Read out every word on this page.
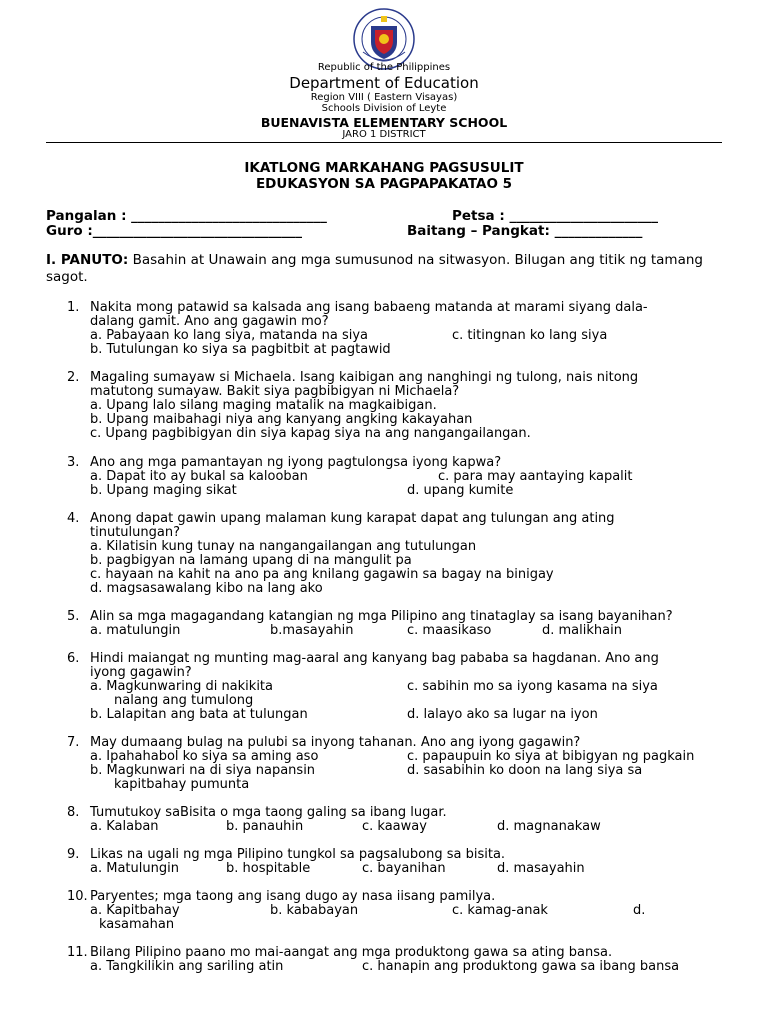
Republic of the Philippines
Department of Education
Region VIII ( Eastern Visayas)
Schools Division of Leyte
BUENAVISTA ELEMENTARY SCHOOL
JARO 1 DISTRICT
IKATLONG MARKAHANG PAGSUSULIT
EDUKASYON SA PAGPAPAKATAO 5
Pangalan : _____________________________	Petsa : ______________________
Guro :_______________________________	Baitang – Pangkat: _____________
I. PANUTO: Basahin at Unawain ang mga sumusunod na sitwasyon. Bilugan ang titik ng tamang sagot.
1. Nakita mong patawid sa kalsada ang isang babaeng matanda at marami siyang dala-
dalang gamit. Ano ang gagawin mo?
a. Pabayaan ko lang siya, matanda na siya	c. titingnan ko lang siya
b. Tutulungan ko siya sa pagbitbit at pagtawid
2. Magaling sumayaw si Michaela. Isang kaibigan ang nanghingi ng tulong, nais nitong
matutong sumayaw. Bakit siya pagbibigyan ni Michaela?
a. Upang lalo silang maging matalik na magkaibigan.
b. Upang maibahagi niya ang kanyang angking kakayahan
c. Upang pagbibigyan din siya kapag siya na ang nangangailangan.
3. Ano ang mga pamantayan ng iyong pagtulongsa iyong kapwa?
a. Dapat ito ay bukal sa kalooban	c. para may aantaying kapalit
b. Upang maging sikat	d. upang kumite
4. Anong dapat gawin upang malaman kung karapat dapat ang tulungan ang ating
tinutulungan?
a. Kilatisin kung tunay na nangangailangan ang tutulungan
b. pagbigyan na lamang upang di na mangulit pa
c. hayaan na kahit na ano pa ang knilang gagawin sa bagay na binigay
d. magsasawalang kibo na lang ako
5. Alin sa mga magagandang katangian ng mga Pilipino ang tinataglay sa isang bayanihan?
a. matulungin	b.masayahin	c. maasikaso	d. malikhain
6. Hindi maiangat ng munting mag-aaral ang kanyang bag pababa sa hagdanan. Ano ang
iyong gagawin?
a. Magkunwaring di nakikita	c. sabihin mo sa iyong kasama na siya
nalang ang tumulong
b. Lalapitan ang bata at tulungan	d. lalayo ako sa lugar na iyon
7. May dumaang bulag na pulubi sa inyong tahanan. Ano ang iyong gagawin?
a. Ipahahabol ko siya sa aming aso	c. papaupuin ko siya at bibigyan ng pagkain
b. Magkunwari na di siya napansin	d. sasabihin ko doon na lang siya sa
kapitbahay pumunta
8. Tumutukoy saBisita o mga taong galing sa ibang lugar.
a. Kalaban	b. panauhin	c. kaaway	d. magnanakaw
9. Likas na ugali ng mga Pilipino tungkol sa pagsalubong sa bisita.
a. Matulungin	b. hospitable	c. bayanihan	d. masayahin
10. Paryentes; mga taong ang isang dugo ay nasa iisang pamilya.
a. Kapitbahay	b. kababayan	c. kamag-anak	d.
kasamahan
11. Bilang Pilipino paano mo mai-aangat ang mga produktong gawa sa ating bansa.
a. Tangkilikin ang sariling atin	c. hanapin ang produktong gawa sa ibang bansa
